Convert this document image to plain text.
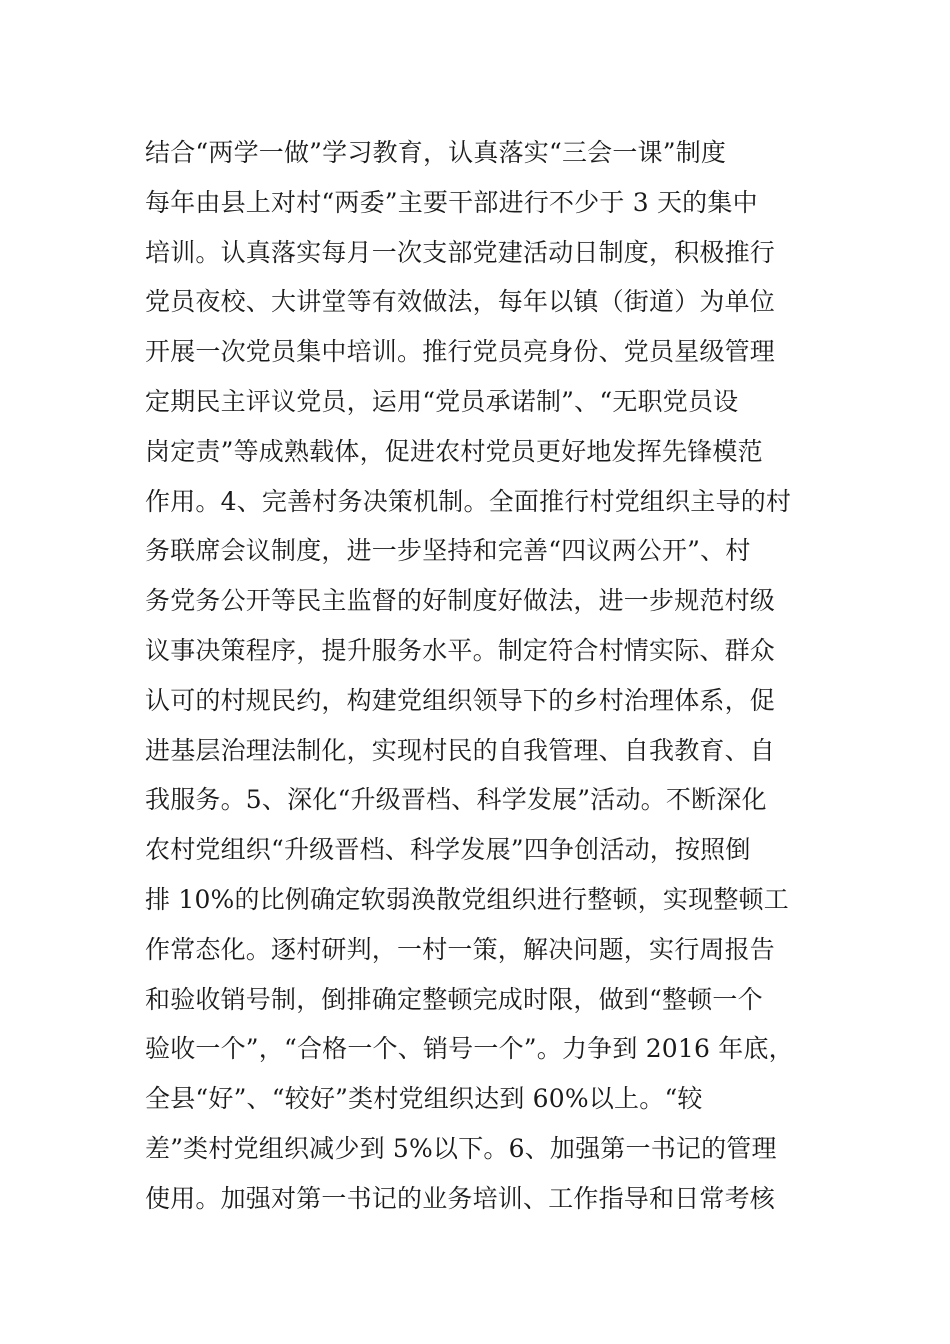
结合“两学一做”学习教育，认真落实“三会一课”制度
每年由县上对村“两委”主要干部进行不少于 3 天的集中
培训。认真落实每月一次支部党建活动日制度，积极推行
党员夜校、大讲堂等有效做法，每年以镇（街道）为单位
开展一次党员集中培训。推行党员亮身份、党员星级管理
定期民主评议党员，运用“党员承诺制”、“无职党员设
岗定责”等成熟载体，促进农村党员更好地发挥先锋模范
作用。4、完善村务决策机制。全面推行村党组织主导的村
务联席会议制度，进一步坚持和完善“四议两公开”、村
务党务公开等民主监督的好制度好做法，进一步规范村级
议事决策程序，提升服务水平。制定符合村情实际、群众
认可的村规民约，构建党组织领导下的乡村治理体系，促
进基层治理法制化，实现村民的自我管理、自我教育、自
我服务。5、深化“升级晋档、科学发展”活动。不断深化
农村党组织“升级晋档、科学发展”四争创活动，按照倒
排 10%的比例确定软弱涣散党组织进行整顿，实现整顿工
作常态化。逐村研判，一村一策，解决问题，实行周报告
和验收销号制，倒排确定整顿完成时限，做到“整顿一个
验收一个”，“合格一个、销号一个”。力争到 2016 年底，
全县“好”、“较好”类村党组织达到 60%以上。“较
差”类村党组织减少到 5%以下。6、加强第一书记的管理
使用。加强对第一书记的业务培训、工作指导和日常考核
